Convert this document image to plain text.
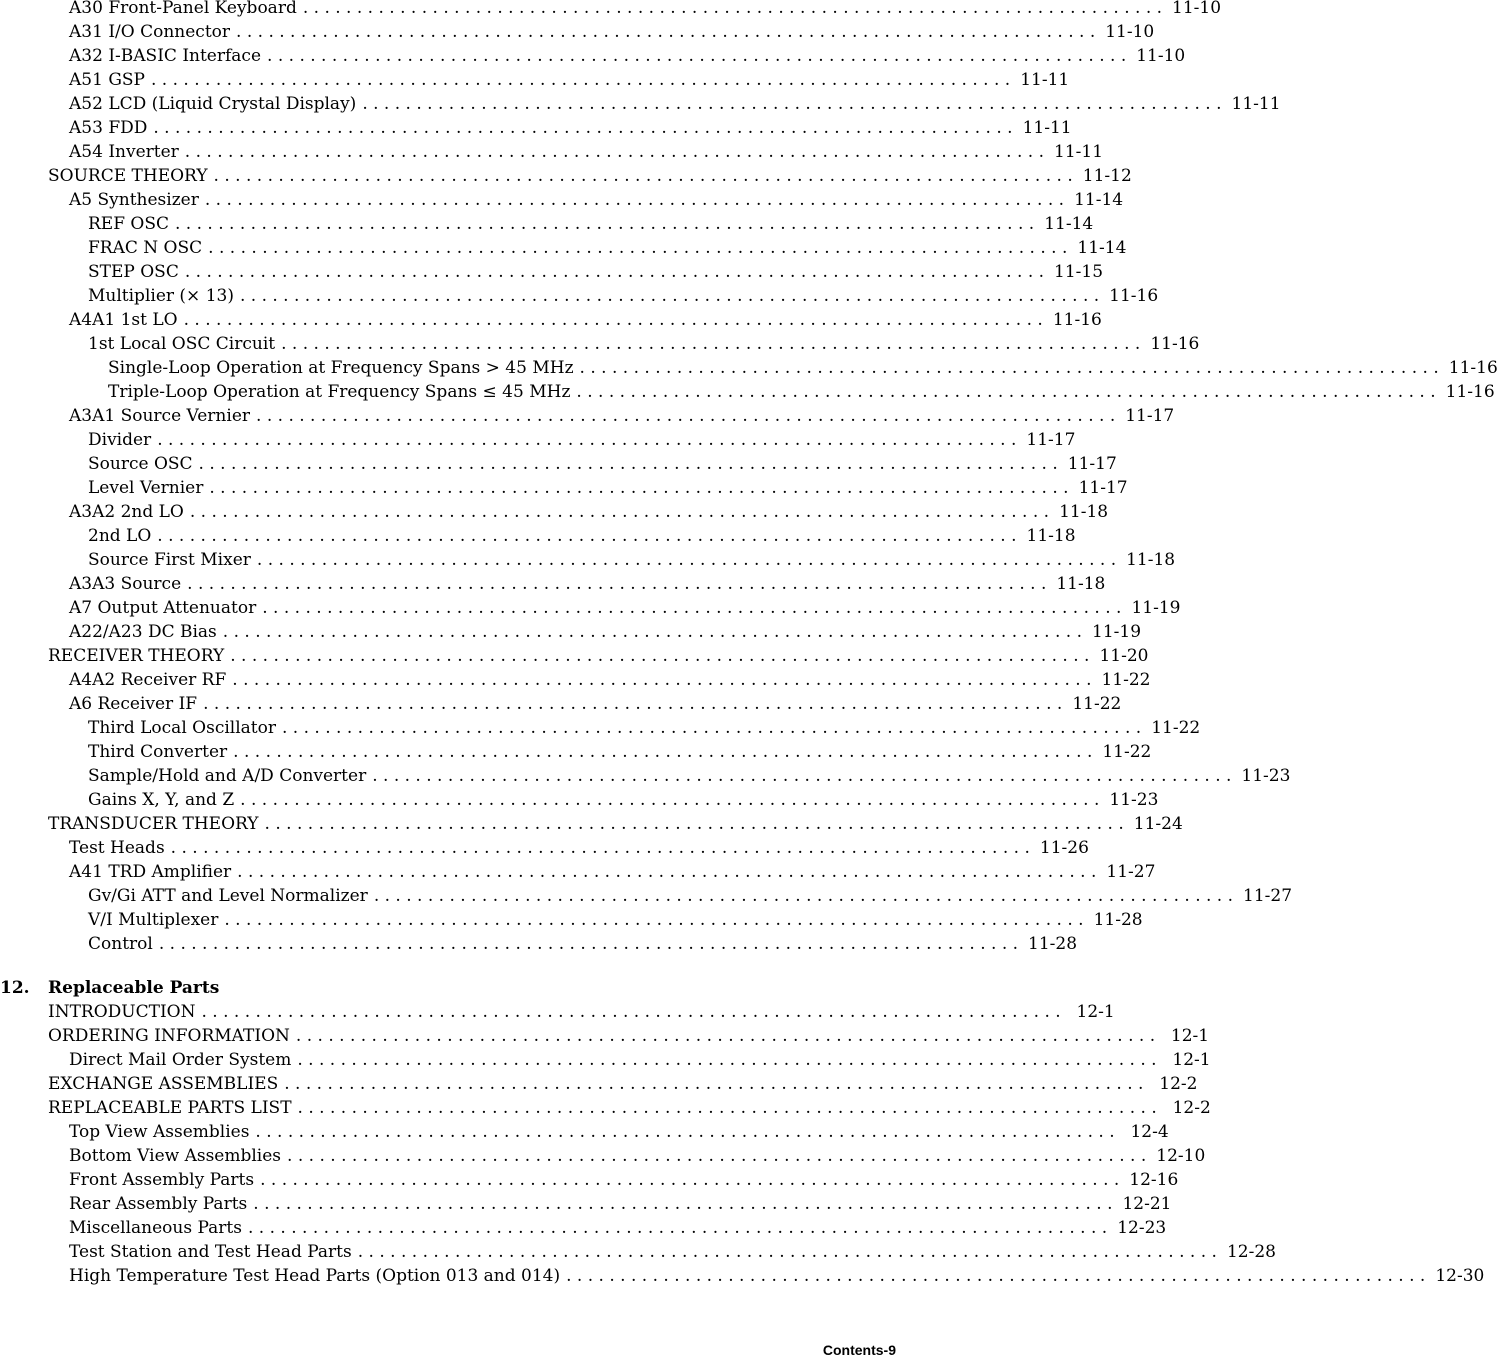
A30 Front-Panel Keyboard . . . . . . . . . . . . . . . . . . . . . . . . . . . . . . . . . . . . . . . . . . . . . . . . . . . . . . . . . . . . . . . . . . . . . . . . . . . . . . . . 11-10
A31 I/O Connector . . . . . . . . . . . . . . . . . . . . . . . . . . . . . . . . . . . . . . . . . . . . . . . . . . . . . . . . . . . . . . . . . . . . . . . . . . . . . . . . 11-10
A32 I-BASIC Interface . . . . . . . . . . . . . . . . . . . . . . . . . . . . . . . . . . . . . . . . . . . . . . . . . . . . . . . . . . . . . . . . . . . . . . . . . . . . . . . . 11-10
A51 GSP . . . . . . . . . . . . . . . . . . . . . . . . . . . . . . . . . . . . . . . . . . . . . . . . . . . . . . . . . . . . . . . . . . . . . . . . . . . . . . . . 11-11
A52 LCD (Liquid Crystal Display) . . . . . . . . . . . . . . . . . . . . . . . . . . . . . . . . . . . . . . . . . . . . . . . . . . . . . . . . . . . . . . . . . . . . . . . . . . . . . . . . 11-11
A53 FDD . . . . . . . . . . . . . . . . . . . . . . . . . . . . . . . . . . . . . . . . . . . . . . . . . . . . . . . . . . . . . . . . . . . . . . . . . . . . . . . . 11-11
A54 Inverter . . . . . . . . . . . . . . . . . . . . . . . . . . . . . . . . . . . . . . . . . . . . . . . . . . . . . . . . . . . . . . . . . . . . . . . . . . . . . . . . 11-11
SOURCE THEORY . . . . . . . . . . . . . . . . . . . . . . . . . . . . . . . . . . . . . . . . . . . . . . . . . . . . . . . . . . . . . . . . . . . . . . . . . . . . . . . . 11-12
A5 Synthesizer . . . . . . . . . . . . . . . . . . . . . . . . . . . . . . . . . . . . . . . . . . . . . . . . . . . . . . . . . . . . . . . . . . . . . . . . . . . . . . . . 11-14
REF OSC . . . . . . . . . . . . . . . . . . . . . . . . . . . . . . . . . . . . . . . . . . . . . . . . . . . . . . . . . . . . . . . . . . . . . . . . . . . . . . . . 11-14
FRAC N OSC . . . . . . . . . . . . . . . . . . . . . . . . . . . . . . . . . . . . . . . . . . . . . . . . . . . . . . . . . . . . . . . . . . . . . . . . . . . . . . . . 11-14
STEP OSC . . . . . . . . . . . . . . . . . . . . . . . . . . . . . . . . . . . . . . . . . . . . . . . . . . . . . . . . . . . . . . . . . . . . . . . . . . . . . . . . 11-15
Multiplier (× 13) . . . . . . . . . . . . . . . . . . . . . . . . . . . . . . . . . . . . . . . . . . . . . . . . . . . . . . . . . . . . . . . . . . . . . . . . . . . . . . . . 11-16
A4A1 1st LO . . . . . . . . . . . . . . . . . . . . . . . . . . . . . . . . . . . . . . . . . . . . . . . . . . . . . . . . . . . . . . . . . . . . . . . . . . . . . . . . 11-16
1st Local OSC Circuit . . . . . . . . . . . . . . . . . . . . . . . . . . . . . . . . . . . . . . . . . . . . . . . . . . . . . . . . . . . . . . . . . . . . . . . . . . . . . . . . 11-16
Single-Loop Operation at Frequency Spans > 45 MHz . . . . . . . . . . . . . . . . . . . . . . . . . . . . . . . . . . . . . . . . . . . . . . . . . . . . . . . . . . . . . . . . . . . . . . . . . . . . . . . . 11-16
Triple-Loop Operation at Frequency Spans ≤ 45 MHz . . . . . . . . . . . . . . . . . . . . . . . . . . . . . . . . . . . . . . . . . . . . . . . . . . . . . . . . . . . . . . . . . . . . . . . . . . . . . . . . 11-16
A3A1 Source Vernier . . . . . . . . . . . . . . . . . . . . . . . . . . . . . . . . . . . . . . . . . . . . . . . . . . . . . . . . . . . . . . . . . . . . . . . . . . . . . . . . 11-17
Divider . . . . . . . . . . . . . . . . . . . . . . . . . . . . . . . . . . . . . . . . . . . . . . . . . . . . . . . . . . . . . . . . . . . . . . . . . . . . . . . . 11-17
Source OSC . . . . . . . . . . . . . . . . . . . . . . . . . . . . . . . . . . . . . . . . . . . . . . . . . . . . . . . . . . . . . . . . . . . . . . . . . . . . . . . . 11-17
Level Vernier . . . . . . . . . . . . . . . . . . . . . . . . . . . . . . . . . . . . . . . . . . . . . . . . . . . . . . . . . . . . . . . . . . . . . . . . . . . . . . . . 11-17
A3A2 2nd LO . . . . . . . . . . . . . . . . . . . . . . . . . . . . . . . . . . . . . . . . . . . . . . . . . . . . . . . . . . . . . . . . . . . . . . . . . . . . . . . . 11-18
2nd LO . . . . . . . . . . . . . . . . . . . . . . . . . . . . . . . . . . . . . . . . . . . . . . . . . . . . . . . . . . . . . . . . . . . . . . . . . . . . . . . . 11-18
Source First Mixer . . . . . . . . . . . . . . . . . . . . . . . . . . . . . . . . . . . . . . . . . . . . . . . . . . . . . . . . . . . . . . . . . . . . . . . . . . . . . . . . 11-18
A3A3 Source . . . . . . . . . . . . . . . . . . . . . . . . . . . . . . . . . . . . . . . . . . . . . . . . . . . . . . . . . . . . . . . . . . . . . . . . . . . . . . . . 11-18
A7 Output Attenuator . . . . . . . . . . . . . . . . . . . . . . . . . . . . . . . . . . . . . . . . . . . . . . . . . . . . . . . . . . . . . . . . . . . . . . . . . . . . . . . . 11-19
A22/A23 DC Bias . . . . . . . . . . . . . . . . . . . . . . . . . . . . . . . . . . . . . . . . . . . . . . . . . . . . . . . . . . . . . . . . . . . . . . . . . . . . . . . . 11-19
RECEIVER THEORY . . . . . . . . . . . . . . . . . . . . . . . . . . . . . . . . . . . . . . . . . . . . . . . . . . . . . . . . . . . . . . . . . . . . . . . . . . . . . . . . 11-20
A4A2 Receiver RF . . . . . . . . . . . . . . . . . . . . . . . . . . . . . . . . . . . . . . . . . . . . . . . . . . . . . . . . . . . . . . . . . . . . . . . . . . . . . . . . 11-22
A6 Receiver IF . . . . . . . . . . . . . . . . . . . . . . . . . . . . . . . . . . . . . . . . . . . . . . . . . . . . . . . . . . . . . . . . . . . . . . . . . . . . . . . . 11-22
Third Local Oscillator . . . . . . . . . . . . . . . . . . . . . . . . . . . . . . . . . . . . . . . . . . . . . . . . . . . . . . . . . . . . . . . . . . . . . . . . . . . . . . . . 11-22
Third Converter . . . . . . . . . . . . . . . . . . . . . . . . . . . . . . . . . . . . . . . . . . . . . . . . . . . . . . . . . . . . . . . . . . . . . . . . . . . . . . . . 11-22
Sample/Hold and A/D Converter . . . . . . . . . . . . . . . . . . . . . . . . . . . . . . . . . . . . . . . . . . . . . . . . . . . . . . . . . . . . . . . . . . . . . . . . . . . . . . . . 11-23
Gains X, Y, and Z . . . . . . . . . . . . . . . . . . . . . . . . . . . . . . . . . . . . . . . . . . . . . . . . . . . . . . . . . . . . . . . . . . . . . . . . . . . . . . . . 11-23
TRANSDUCER THEORY . . . . . . . . . . . . . . . . . . . . . . . . . . . . . . . . . . . . . . . . . . . . . . . . . . . . . . . . . . . . . . . . . . . . . . . . . . . . . . . . 11-24
Test Heads . . . . . . . . . . . . . . . . . . . . . . . . . . . . . . . . . . . . . . . . . . . . . . . . . . . . . . . . . . . . . . . . . . . . . . . . . . . . . . . . 11-26
A41 TRD Amplifier . . . . . . . . . . . . . . . . . . . . . . . . . . . . . . . . . . . . . . . . . . . . . . . . . . . . . . . . . . . . . . . . . . . . . . . . . . . . . . . . 11-27
Gv/Gi ATT and Level Normalizer . . . . . . . . . . . . . . . . . . . . . . . . . . . . . . . . . . . . . . . . . . . . . . . . . . . . . . . . . . . . . . . . . . . . . . . . . . . . . . . . 11-27
V/I Multiplexer . . . . . . . . . . . . . . . . . . . . . . . . . . . . . . . . . . . . . . . . . . . . . . . . . . . . . . . . . . . . . . . . . . . . . . . . . . . . . . . . 11-28
Control . . . . . . . . . . . . . . . . . . . . . . . . . . . . . . . . . . . . . . . . . . . . . . . . . . . . . . . . . . . . . . . . . . . . . . . . . . . . . . . . 11-28
12. Replaceable Parts
INTRODUCTION . . . . . . . . . . . . . . . . . . . . . . . . . . . . . . . . . . . . . . . . . . . . . . . . . . . . . . . . . . . . . . . . . . . . . . . . . . . . . . . . 12-1
ORDERING INFORMATION . . . . . . . . . . . . . . . . . . . . . . . . . . . . . . . . . . . . . . . . . . . . . . . . . . . . . . . . . . . . . . . . . . . . . . . . . . . . . . . . 12-1
Direct Mail Order System . . . . . . . . . . . . . . . . . . . . . . . . . . . . . . . . . . . . . . . . . . . . . . . . . . . . . . . . . . . . . . . . . . . . . . . . . . . . . . . . 12-1
EXCHANGE ASSEMBLIES . . . . . . . . . . . . . . . . . . . . . . . . . . . . . . . . . . . . . . . . . . . . . . . . . . . . . . . . . . . . . . . . . . . . . . . . . . . . . . . . 12-2
REPLACEABLE PARTS LIST . . . . . . . . . . . . . . . . . . . . . . . . . . . . . . . . . . . . . . . . . . . . . . . . . . . . . . . . . . . . . . . . . . . . . . . . . . . . . . . . 12-2
Top View Assemblies . . . . . . . . . . . . . . . . . . . . . . . . . . . . . . . . . . . . . . . . . . . . . . . . . . . . . . . . . . . . . . . . . . . . . . . . . . . . . . . . 12-4
Bottom View Assemblies . . . . . . . . . . . . . . . . . . . . . . . . . . . . . . . . . . . . . . . . . . . . . . . . . . . . . . . . . . . . . . . . . . . . . . . . . . . . . . . . 12-10
Front Assembly Parts . . . . . . . . . . . . . . . . . . . . . . . . . . . . . . . . . . . . . . . . . . . . . . . . . . . . . . . . . . . . . . . . . . . . . . . . . . . . . . . . 12-16
Rear Assembly Parts . . . . . . . . . . . . . . . . . . . . . . . . . . . . . . . . . . . . . . . . . . . . . . . . . . . . . . . . . . . . . . . . . . . . . . . . . . . . . . . . 12-21
Miscellaneous Parts . . . . . . . . . . . . . . . . . . . . . . . . . . . . . . . . . . . . . . . . . . . . . . . . . . . . . . . . . . . . . . . . . . . . . . . . . . . . . . . . 12-23
Test Station and Test Head Parts . . . . . . . . . . . . . . . . . . . . . . . . . . . . . . . . . . . . . . . . . . . . . . . . . . . . . . . . . . . . . . . . . . . . . . . . . . . . . . . . 12-28
High Temperature Test Head Parts (Option 013 and 014) . . . . . . . . . . . . . . . . . . . . . . . . . . . . . . . . . . . . . . . . . . . . . . . . . . . . . . . . . . . . . . . . . . . . . . . . . . . . . . . . 12-30
Contents-9
